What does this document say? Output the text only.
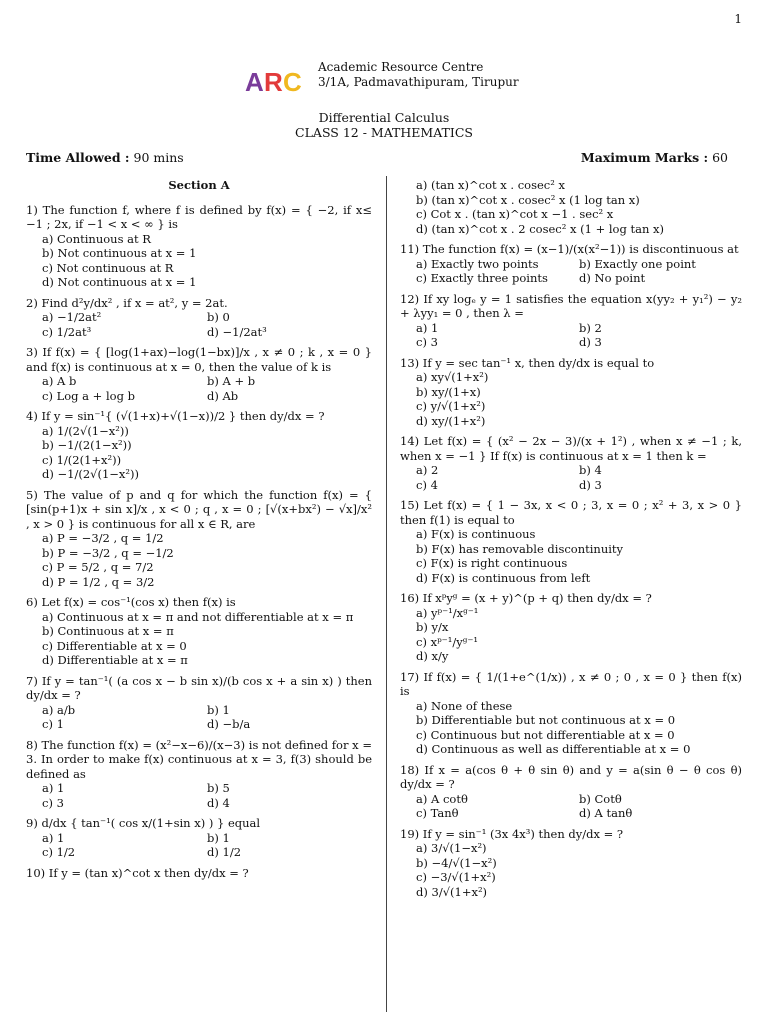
1
A R C Academic Resource Centre
3/1A, Padmavathipuram, Tirupur
Differential Calculus
CLASS 12 - MATHEMATICS
Time Allowed : 90 mins	Maximum Marks : 60
Section A
1) The function f, where f is defined by f(x) = { −2, if x≤ −1 ; 2x, if −1 < x < ∞ } is
a) Continuous at R
b) Not continuous at x = 1
c) Not continuous at R
d) Not continuous at x = 1
2) Find d²y/dx² , if x = at², y = 2at.
a) −1/2at²	b) 0
c) 1/2at³	d) −1/2at³
3) If f(x) = { [log(1+ax)−log(1−bx)]/x , x ≠ 0 ; k , x = 0 } and f(x) is continuous at x = 0, then the value of k is
a) A b	b) A + b
c) Log a + log b	d) Ab
4) If y = sin⁻¹{ (√(1+x)+√(1−x))/2 } then dy/dx = ?
a) 1/(2√(1−x²))
b) −1/(2(1−x²))
c) 1/(2(1+x²))
d) −1/(2√(1−x²))
5) The value of p and q for which the function f(x) = { [sin(p+1)x + sin x]/x , x < 0 ; q , x = 0 ; [√(x+bx²) − √x]/x² , x > 0 } is continuous for all x ∈ R, are
a) P = −3/2 , q = 1/2
b) P = −3/2 , q = −1/2
c) P = 5/2 , q = 7/2
d) P = 1/2 , q = 3/2
6) Let f(x) = cos⁻¹(cos x) then f(x) is
a) Continuous at x = π and not differentiable at x = π
b) Continuous at x = π
c) Differentiable at x = 0
d) Differentiable at x = π
7) If y = tan⁻¹( (a cos x − b sin x)/(b cos x + a sin x) ) then dy/dx = ?
a) a/b	b) 1
c) 1	d) −b/a
8) The function f(x) = (x²−x−6)/(x−3) is not defined for x = 3. In order to make f(x) continuous at x = 3, f(3) should be defined as
a) 1	b) 5
c) 3	d) 4
9) d/dx { tan⁻¹( cos x/(1+sin x) ) } equal
a) 1	b) 1
c) 1/2	d) 1/2
10) If y = (tan x)^cot x then dy/dx = ?
a) (tan x)^cot x . cosec² x
b) (tan x)^cot x . cosec² x (1 log tan x)
c) Cot x . (tan x)^cot x −1 . sec² x
d) (tan x)^cot x . 2 cosec² x (1 + log tan x)
11) The function f(x) = (x−1)/(x(x²−1)) is discontinuous at
a) Exactly two points	b) Exactly one point
c) Exactly three points	d) No point
12) If xy logₑ y = 1 satisfies the equation x(yy₂ + y₁²) − y₂ + λyy₁ = 0 , then λ =
a) 1	b) 2
c) 3	d) 3
13) If y = sec tan⁻¹ x, then dy/dx is equal to
a) xy√(1+x²)
b) xy/(1+x)
c) y/√(1+x²)
d) xy/(1+x²)
14) Let f(x) = { (x² − 2x − 3)/(x + 1²) , when x ≠ −1 ; k, when x = −1 } If f(x) is continuous at x = 1 then k =
a) 2	b) 4
c) 4	d) 3
15) Let f(x) = { 1 − 3x, x < 0 ; 3, x = 0 ; x² + 3, x > 0 } then f(1) is equal to
a) F(x) is continuous
b) F(x) has removable discontinuity
c) F(x) is right continuous
d) F(x) is continuous from left
16) If xᵖyᵍ = (x + y)^(p + q) then dy/dx = ?
a) yᵖ⁻¹/xᵍ⁻¹
b) y/x
c) xᵖ⁻¹/yᵍ⁻¹
d) x/y
17) If f(x) = { 1/(1+e^(1/x)) , x ≠ 0 ; 0 , x = 0 } then f(x) is
a) None of these
b) Differentiable but not continuous at x = 0
c) Continuous but not differentiable at x = 0
d) Continuous as well as differentiable at x = 0
18) If x = a(cos θ + θ sin θ) and y = a(sin θ − θ cos θ) dy/dx = ?
a) A cotθ	b) Cotθ
c) Tanθ	d) A tanθ
19) If y = sin⁻¹ (3x 4x³) then dy/dx = ?
a) 3/√(1−x²)
b) −4/√(1−x²)
c) −3/√(1+x²)
d) 3/√(1+x²)
